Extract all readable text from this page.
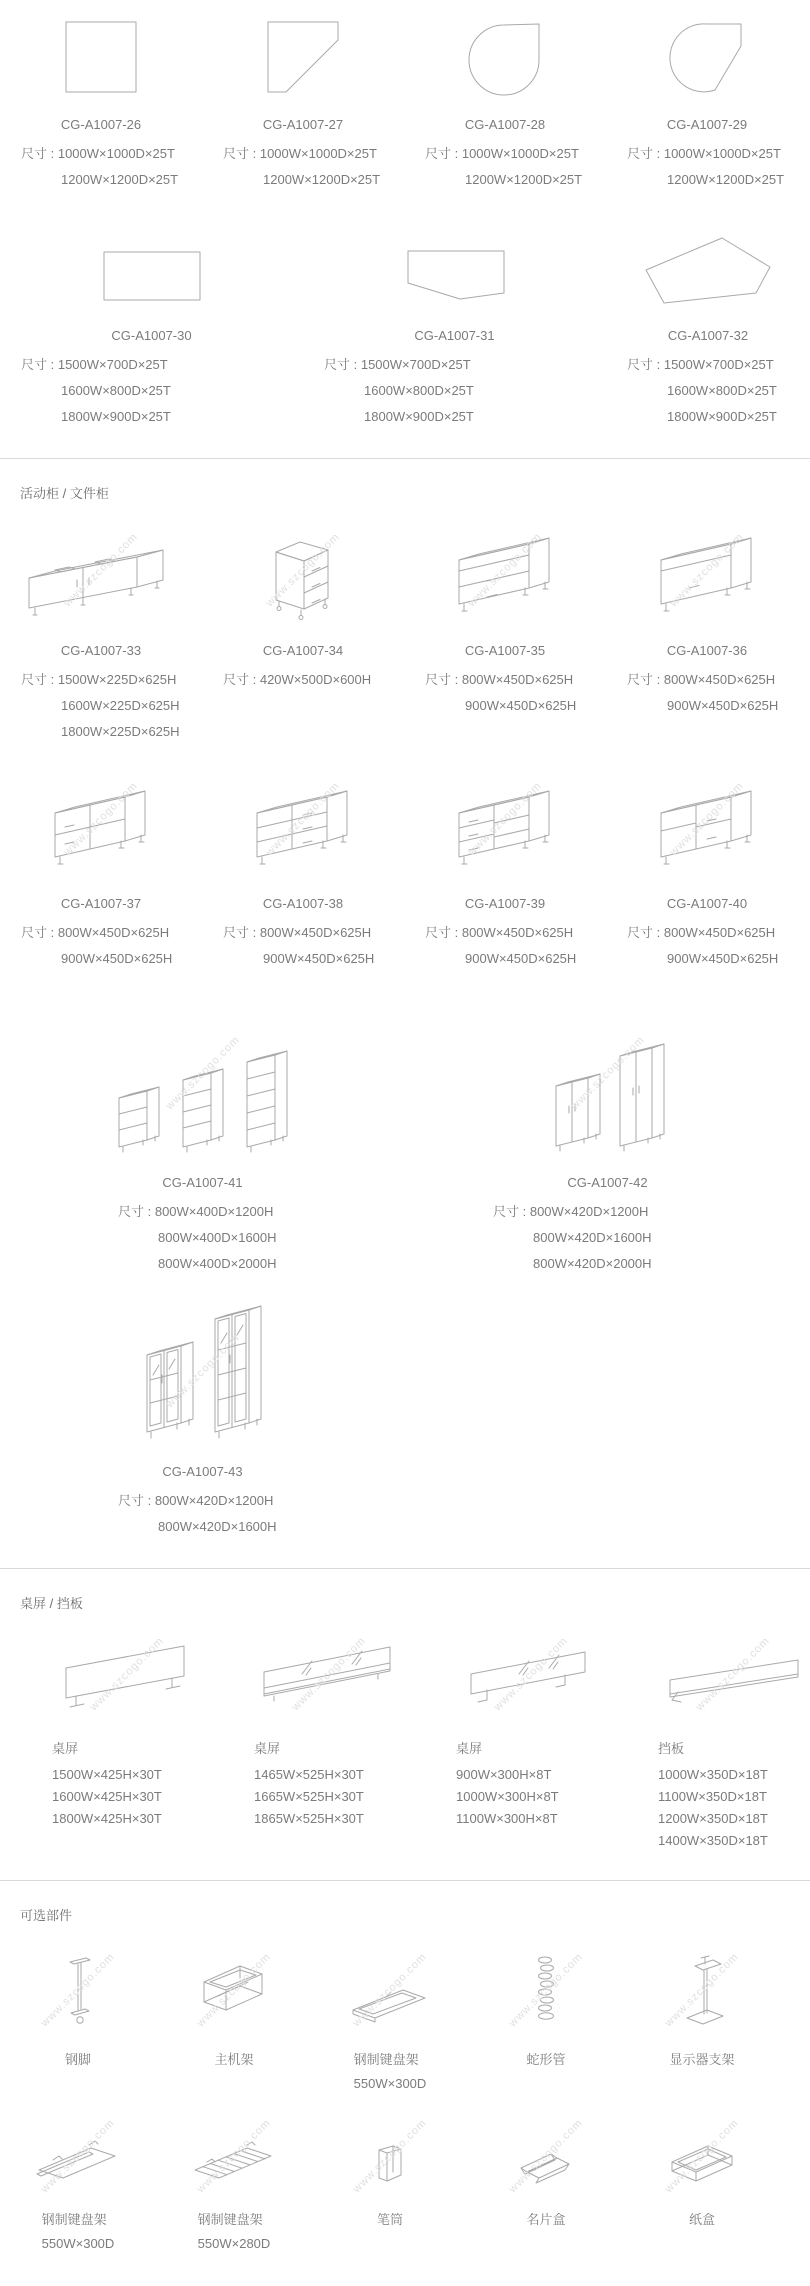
CG-A1007-26
尺寸 : 1000W×1000D×25T
1200W×1200D×25T
CG-A1007-27
尺寸 : 1000W×1000D×25T
1200W×1200D×25T
CG-A1007-28
尺寸 : 1000W×1000D×25T
1200W×1200D×25T
CG-A1007-29
尺寸 : 1000W×1000D×25T
1200W×1200D×25T
CG-A1007-30
尺寸 : 1500W×700D×25T
1600W×800D×25T
1800W×900D×25T
CG-A1007-31
尺寸 : 1500W×700D×25T
1600W×800D×25T
1800W×900D×25T
CG-A1007-32
尺寸 : 1500W×700D×25T
1600W×800D×25T
1800W×900D×25T
活动柜 / 文件柜
www.szcogo.com
CG-A1007-33
尺寸 : 1500W×225D×625H
1600W×225D×625H
1800W×225D×625H
www.szcogo.com
CG-A1007-34
尺寸 : 420W×500D×600H
www.szcogo.com
CG-A1007-35
尺寸 : 800W×450D×625H
900W×450D×625H
www.szcogo.com
CG-A1007-36
尺寸 : 800W×450D×625H
900W×450D×625H
www.szcogo.com
CG-A1007-37
尺寸 : 800W×450D×625H
900W×450D×625H
www.szcogo.com
CG-A1007-38
尺寸 : 800W×450D×625H
900W×450D×625H
www.szcogo.com
CG-A1007-39
尺寸 : 800W×450D×625H
900W×450D×625H
www.szcogo.com
CG-A1007-40
尺寸 : 800W×450D×625H
900W×450D×625H
www.szcogo.com
CG-A1007-41
尺寸 : 800W×400D×1200H
800W×400D×1600H
800W×400D×2000H
www.szcogo.com
CG-A1007-42
尺寸 : 800W×420D×1200H
800W×420D×1600H
800W×420D×2000H
www.szcogo.com
CG-A1007-43
尺寸 : 800W×420D×1200H
800W×420D×1600H
桌屏 / 挡板
www.szcogo.com
桌屏
1500W×425H×30T
1600W×425H×30T
1800W×425H×30T
www.szcogo.com
桌屏
1465W×525H×30T
1665W×525H×30T
1865W×525H×30T
www.szcogo.com
桌屏
900W×300H×8T
1000W×300H×8T
1100W×300H×8T
www.szcogo.com
挡板
1000W×350D×18T
1100W×350D×18T
1200W×350D×18T
1400W×350D×18T
可选部件
www.szcogo.com
钢脚
www.szcogo.com
主机架
www.szcogo.com
钢制键盘架
550W×300D
www.szcogo.com
蛇形管
www.szcogo.com
显示器支架
www.szcogo.com
钢制键盘架
550W×300D
www.szcogo.com
钢制键盘架
550W×280D
www.szcogo.com
笔筒
www.szcogo.com
名片盒
www.szcogo.com
纸盒
